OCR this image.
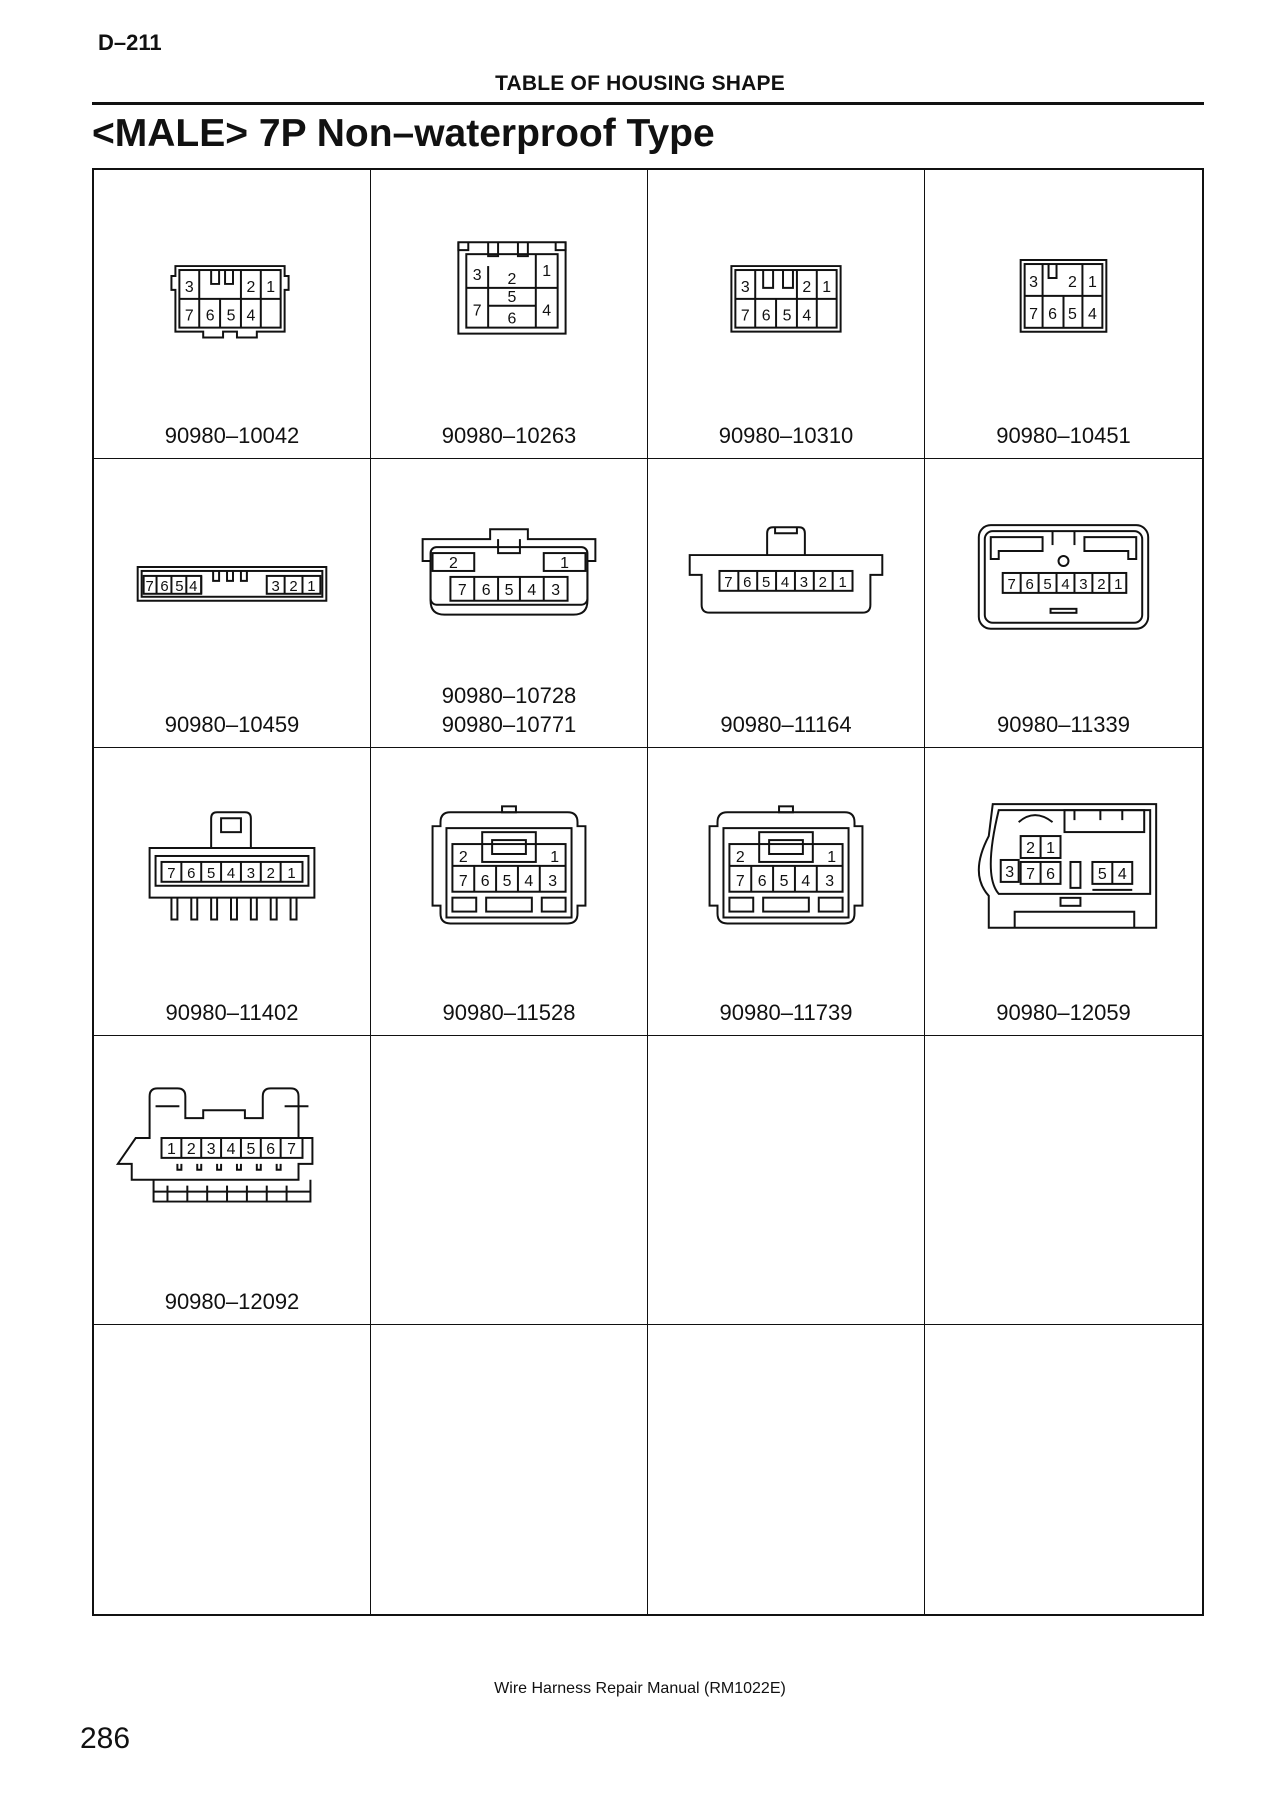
D–211
TABLE OF HOUSING SHAPE
<MALE> 7P Non–waterproof Type
3	2 1
7 6 5 4
90980–10042
3 2 1
7
5
4
6
90980–10263
3	2 1
7 6 5 4
90980–10310
3 2 1
7 6 5 4
90980–10451
7 6 5 4	3 2 1
90980–10459
2	1
7 6 5 4 3
90980–10728
90980–10771
7 6 5 4 3 2 1
90980–11164
7 6 5 4 3 2 1
90980–11339
7 6 5 4 3 2 1
90980–11402
2	1
7 6 5 4 3
90980–11528
2	1
7 6 5 4 3
90980–11739
2 1
3 7 6	5 4
90980–12059
1 2 3 4 5 6 7
90980–12092
Wire Harness Repair Manual (RM1022E)
286
